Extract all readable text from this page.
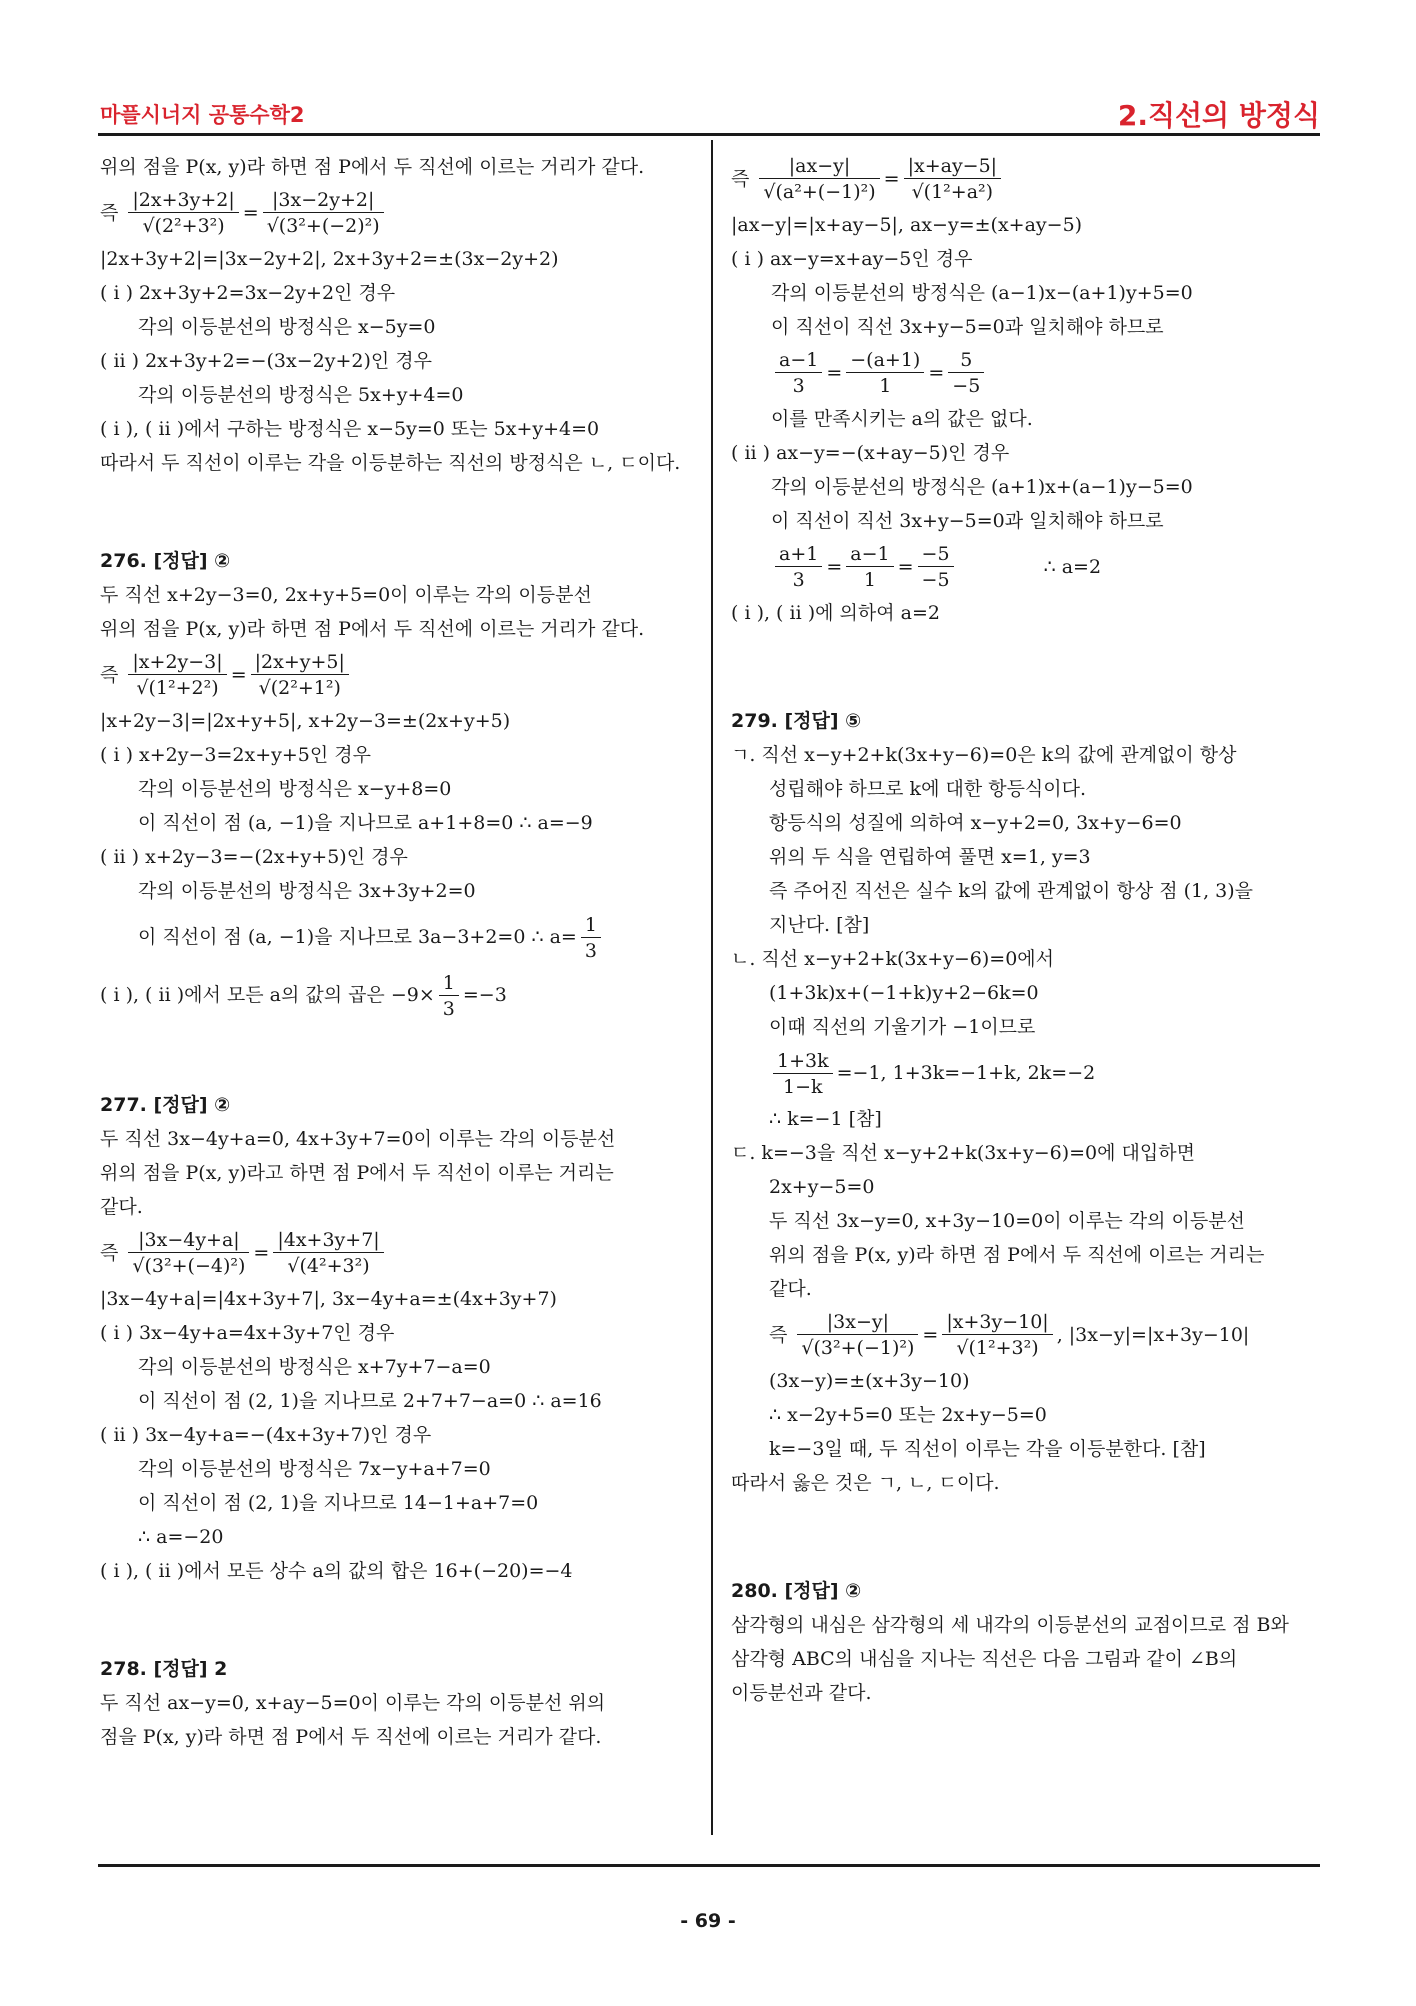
마플시너지 공통수학2	2.직선의 방정식
위의 점을 P(x, y)라 하면 점 P에서 두 직선에 이르는 거리가 같다.
즉 $\frac{|2x+3y+2|}{\text{√(2²+3²)}} = \frac{|3x-2y+2|}{\text{√(3²+(−2)²)}}$
|2x+3y+2|=|3x−2y+2|, 2x+3y+2=±(3x−2y+2)
( i ) 2x+3y+2=3x−2y+2인 경우
각의 이등분선의 방정식은 x−5y=0
( ii ) 2x+3y+2=−(3x−2y+2)인 경우
각의 이등분선의 방정식은 5x+y+4=0
( i ), ( ii )에서 구하는 방정식은 x−5y=0 또는 5x+y+4=0
따라서 두 직선이 이루는 각을 이등분하는 직선의 방정식은 ㄴ, ㄷ이다.
276. [정답] ②
두 직선 x+2y−3=0, 2x+y+5=0이 이루는 각의 이등분선
위의 점을 P(x, y)라 하면 점 P에서 두 직선에 이르는 거리가 같다.
즉 $\frac{|x+2y-3|}{\text{√(1²+2²)}} = \frac{|2x+y+5|}{\text{√(2²+1²)}}$
|x+2y−3|=|2x+y+5|, x+2y−3=±(2x+y+5)
( i ) x+2y−3=2x+y+5인 경우
각의 이등분선의 방정식은 x−y+8=0
이 직선이 점 (a, −1)을 지나므로 a+1+8=0 ∴ a=−9
( ii ) x+2y−3=−(2x+y+5)인 경우
각의 이등분선의 방정식은 3x+3y+2=0
이 직선이 점 (a, −1)을 지나므로 3a−3+2=0 ∴ $a= \frac{1}{3}$
( i ), ( ii )에서 모든 a의 값의 곱은 $-9\times \frac{1}{3} =-3$
277. [정답] ②
두 직선 3x−4y+a=0, 4x+3y+7=0이 이루는 각의 이등분선
위의 점을 P(x, y)라고 하면 점 P에서 두 직선이 이루는 거리는
같다.
즉 $\frac{|3x-4y+a|}{\text{√(3²+(−4)²)}} = \frac{|4x+3y+7|}{\text{√(4²+3²)}}$
|3x−4y+a|=|4x+3y+7|, 3x−4y+a=±(4x+3y+7)
( i ) 3x−4y+a=4x+3y+7인 경우
각의 이등분선의 방정식은 x+7y+7−a=0
이 직선이 점 (2, 1)을 지나므로 2+7+7−a=0 ∴ a=16
( ii ) 3x−4y+a=−(4x+3y+7)인 경우
각의 이등분선의 방정식은 7x−y+a+7=0
이 직선이 점 (2, 1)을 지나므로 14−1+a+7=0
∴ a=−20
( i ), ( ii )에서 모든 상수 a의 값의 합은 16+(−20)=−4
278. [정답] 2
두 직선 ax−y=0, x+ay−5=0이 이루는 각의 이등분선 위의
점을 P(x, y)라 하면 점 P에서 두 직선에 이르는 거리가 같다.
즉 $\frac{|ax-y|}{\text{√(a²+(−1)²)}} = \frac{|x+ay-5|}{\text{√(1²+a²)}}$
|ax−y|=|x+ay−5|, ax−y=±(x+ay−5)
( i ) ax−y=x+ay−5인 경우
각의 이등분선의 방정식은 (a−1)x−(a+1)y+5=0
이 직선이 직선 3x+y−5=0과 일치해야 하므로
$\frac{a-1}{3} = \frac{-(a+1)}{1} = \frac{5}{-5}$
이를 만족시키는 a의 값은 없다.
( ii ) ax−y=−(x+ay−5)인 경우
각의 이등분선의 방정식은 (a+1)x+(a−1)y−5=0
이 직선이 직선 3x+y−5=0과 일치해야 하므로
$\frac{a+1}{3} = \frac{a-1}{1} = \frac{-5}{-5}$	∴ a=2
( i ), ( ii )에 의하여 a=2
279. [정답] ⑤
ㄱ. 직선 x−y+2+k(3x+y−6)=0은 k의 값에 관계없이 항상
성립해야 하므로 k에 대한 항등식이다.
항등식의 성질에 의하여 x−y+2=0, 3x+y−6=0
위의 두 식을 연립하여 풀면 x=1, y=3
즉 주어진 직선은 실수 k의 값에 관계없이 항상 점 (1, 3)을
지난다. [참]
ㄴ. 직선 x−y+2+k(3x+y−6)=0에서
(1+3k)x+(−1+k)y+2−6k=0
이때 직선의 기울기가 −1이므로
$\frac{1+3k}{1-k} =-1$, 1+3k=−1+k, 2k=−2
∴ k=−1 [참]
ㄷ. k=−3을 직선 x−y+2+k(3x+y−6)=0에 대입하면
2x+y−5=0
두 직선 3x−y=0, x+3y−10=0이 이루는 각의 이등분선
위의 점을 P(x, y)라 하면 점 P에서 두 직선에 이르는 거리는
같다.
즉 $\frac{|3x-y|}{\text{√(3²+(−1)²)}} = \frac{|x+3y-10|}{\text{√(1²+3²)}}$ , |3x−y|=|x+3y−10|
(3x−y)=±(x+3y−10)
∴ x−2y+5=0 또는 2x+y−5=0
k=−3일 때, 두 직선이 이루는 각을 이등분한다. [참]
따라서 옳은 것은 ㄱ, ㄴ, ㄷ이다.
280. [정답] ②
삼각형의 내심은 삼각형의 세 내각의 이등분선의 교점이므로 점 B와
삼각형 ABC의 내심을 지나는 직선은 다음 그림과 같이 ∠B의
이등분선과 같다.
- 69 -
